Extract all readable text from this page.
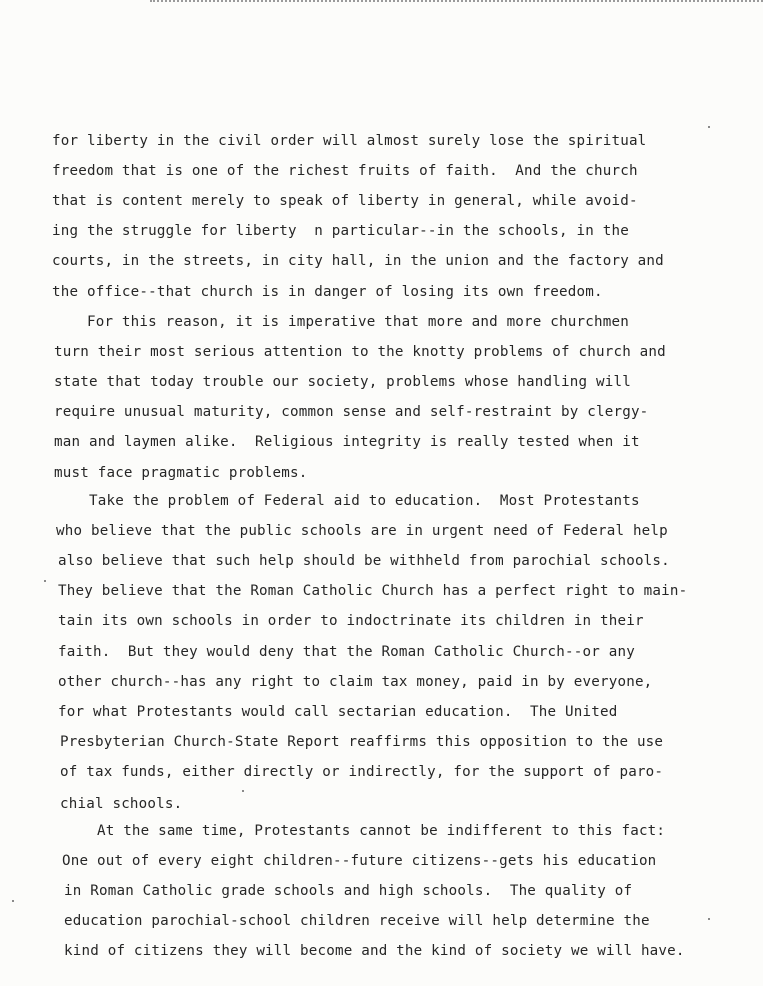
for liberty in the civil order will almost surely lose the spiritual

freedom that is one of the richest fruits of faith.  And the church

that is content merely to speak of liberty in general, while avoid-

ing the struggle for liberty  n particular--in the schools, in the

courts, in the streets, in city hall, in the union and the factory and

the office--that church is in danger of losing its own freedom.

For this reason, it is imperative that more and more churchmen

turn their most serious attention to the knotty problems of church and

state that today trouble our society, problems whose handling will

require unusual maturity, common sense and self-restraint by clergy-

man and laymen alike.  Religious integrity is really tested when it

must face pragmatic problems.

Take the problem of Federal aid to education.  Most Protestants

who believe that the public schools are in urgent need of Federal help

also believe that such help should be withheld from parochial schools.

They believe that the Roman Catholic Church has a perfect right to main-

tain its own schools in order to indoctrinate its children in their

faith.  But they would deny that the Roman Catholic Church--or any

other church--has any right to claim tax money, paid in by everyone,

for what Protestants would call sectarian education.  The United

Presbyterian Church-State Report reaffirms this opposition to the use

of tax funds, either directly or indirectly, for the support of paro-

chial schools.

At the same time, Protestants cannot be indifferent to this fact:

One out of every eight children--future citizens--gets his education

in Roman Catholic grade schools and high schools.  The quality of

education parochial-school children receive will help determine the

kind of citizens they will become and the kind of society we will have.
